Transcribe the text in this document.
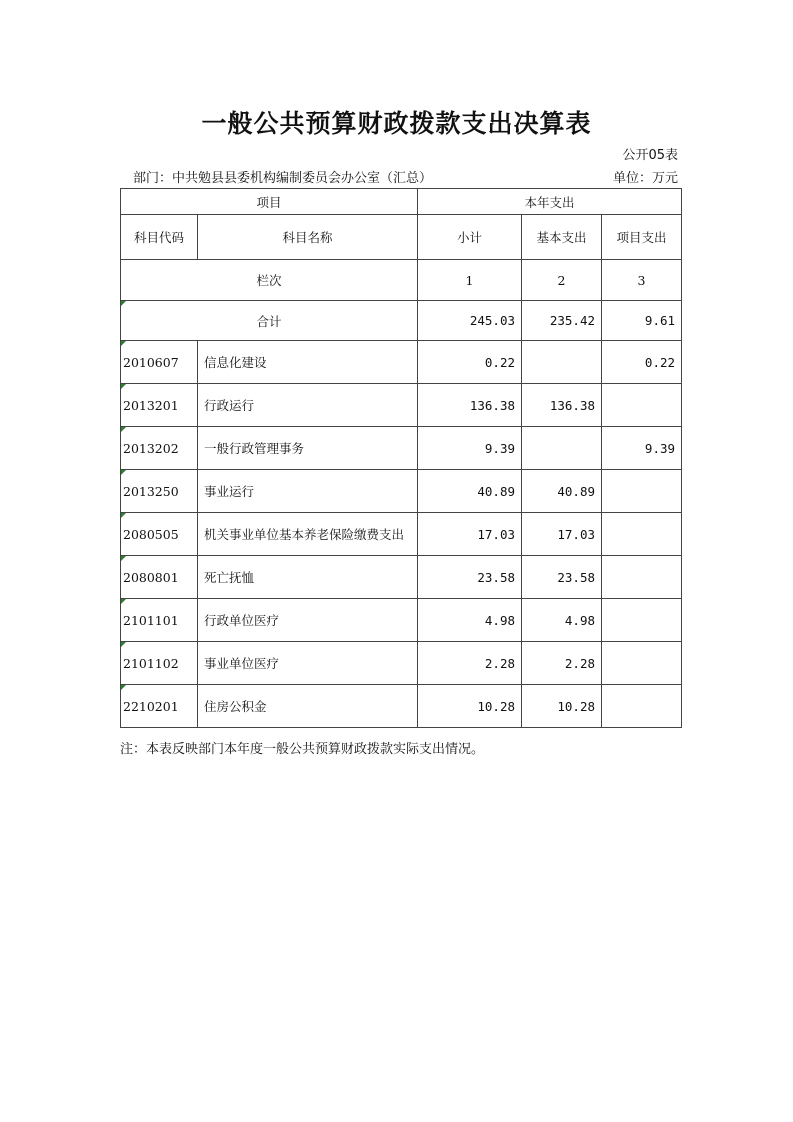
一般公共预算财政拨款支出决算表
公开05表
部门：中共勉县县委机构编制委员会办公室（汇总）	单位：万元
项目		本年支出		
科目代码	科目名称	小计	基本支出	项目支出
栏次		1	2	3

合计		245.03	235.42	9.61

2010607	信息化建设	0.22		0.22

2013201	行政运行	136.38	136.38	

2013202	一般行政管理事务	9.39		9.39

2013250	事业运行	40.89	40.89	

2080505	机关事业单位基本养老保险缴费支出	17.03	17.03	

2080801	死亡抚恤	23.58	23.58	

2101101	行政单位医疗	4.98	4.98	

2101102	事业单位医疗	2.28	2.28	

2210201	住房公积金	10.28	10.28	
注：本表反映部门本年度一般公共预算财政拨款实际支出情况。
